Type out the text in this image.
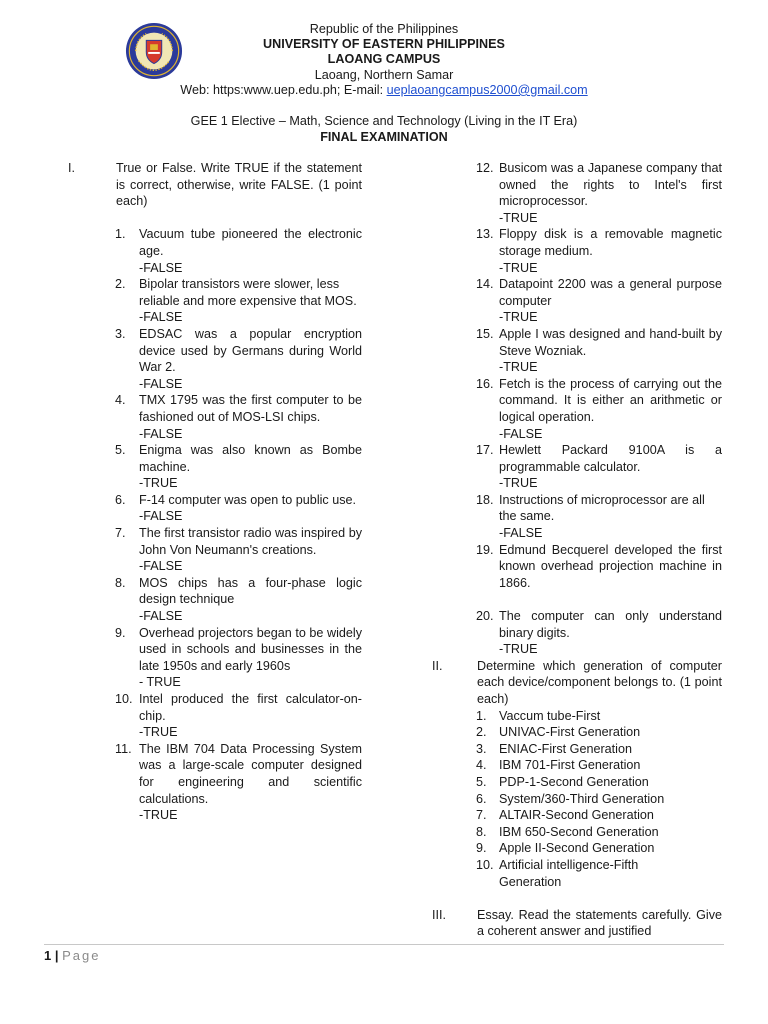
Republic of the Philippines
UNIVERSITY OF EASTERN PHILIPPINES
LAOANG CAMPUS
Laoang, Northern Samar
Web: https:www.uep.edu.ph; E-mail: ueplaoangcampus2000@gmail.com
GEE 1 Elective – Math, Science and Technology (Living in the IT Era)
FINAL EXAMINATION
I.	True or False. Write TRUE if the statement is correct, otherwise, write FALSE. (1 point each)
1. Vacuum tube pioneered the electronic age.
-FALSE
2. Bipolar transistors were slower, less reliable and more expensive that MOS.
-FALSE
3. EDSAC was a popular encryption device used by Germans during World War 2.
-FALSE
4. TMX 1795 was the first computer to be fashioned out of MOS-LSI chips.
-FALSE
5. Enigma was also known as Bombe machine.
-TRUE
6. F-14 computer was open to public use.
-FALSE
7. The first transistor radio was inspired by John Von Neumann's creations.
-FALSE
8. MOS chips has a four-phase logic design technique
-FALSE
9. Overhead projectors began to be widely used in schools and businesses in the late 1950s and early 1960s
- TRUE
10. Intel produced the first calculator-on-chip.
-TRUE
11. The IBM 704 Data Processing System was a large-scale computer designed for engineering and scientific calculations.
-TRUE
12. Busicom was a Japanese company that owned the rights to Intel's first microprocessor.
-TRUE
13. Floppy disk is a removable magnetic storage medium.
-TRUE
14. Datapoint 2200 was a general purpose computer
-TRUE
15. Apple I was designed and hand-built by Steve Wozniak.
-TRUE
16. Fetch is the process of carrying out the command. It is either an arithmetic or logical operation.
-FALSE
17. Hewlett Packard 9100A is a programmable calculator.
-TRUE
18. Instructions of microprocessor are all the same.
-FALSE
19. Edmund Becquerel developed the first known overhead projection machine in 1866.
20. The computer can only understand binary digits.
-TRUE
II.	Determine which generation of computer each device/component belongs to. (1 point each)
1. Vaccum tube-First
2. UNIVAC-First Generation
3. ENIAC-First Generation
4. IBM 701-First Generation
5. PDP-1-Second Generation
6. System/360-Third Generation
7. ALTAIR-Second Generation
8. IBM 650-Second Generation
9. Apple II-Second Generation
10. Artificial intelligence-Fifth Generation
III. Essay. Read the statements carefully. Give a coherent answer and justified
1 | Page
